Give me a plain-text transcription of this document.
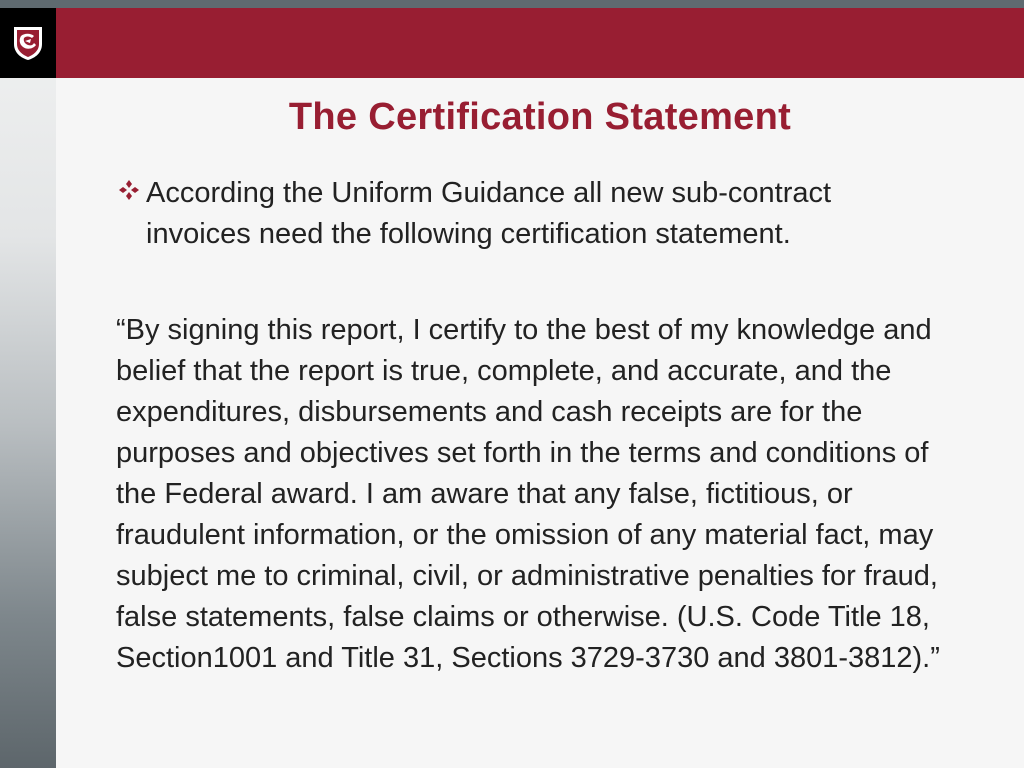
The Certification Statement
According the Uniform Guidance all new sub-contract invoices need the following certification statement.
“By signing this report, I certify to the best of my knowledge and belief that the report is true, complete, and accurate, and the expenditures, disbursements and cash receipts are for the purposes and objectives set forth in the terms and conditions of the Federal award. I am aware that any false, fictitious, or fraudulent information, or the omission of any material fact, may subject me to criminal, civil, or administrative penalties for fraud, false statements, false claims or otherwise. (U.S. Code Title 18, Section1001 and Title 31, Sections 3729-3730 and 3801-3812).”
